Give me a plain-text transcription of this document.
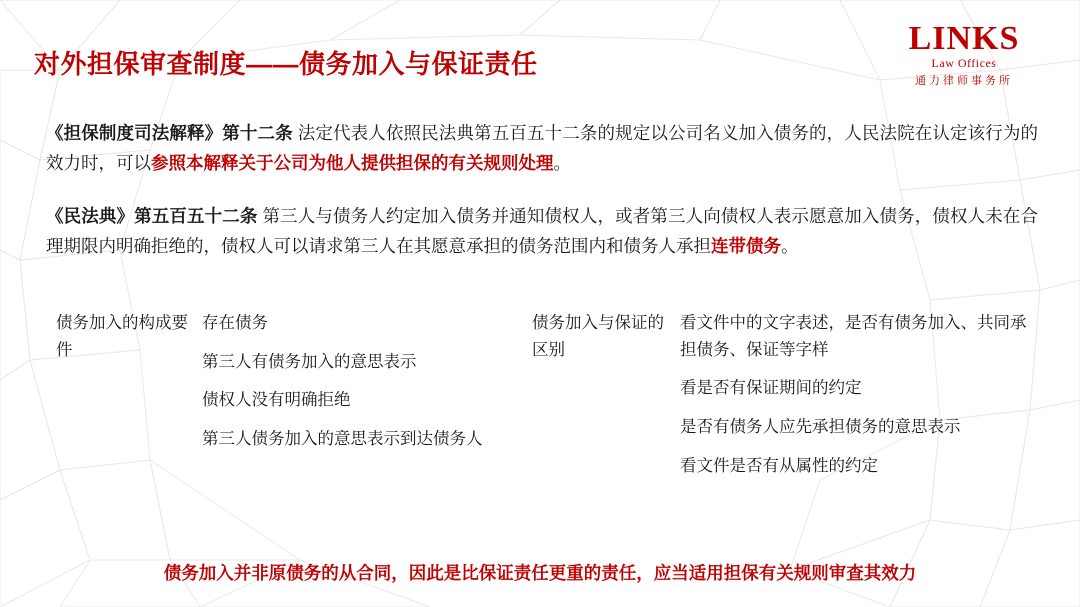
对外担保审查制度——债务加入与保证责任
LINKS
Law Offices
通力律师事务所
《担保制度司法解释》第十二条 法定代表人依照民法典第五百五十二条的规定以公司名义加入债务的，人民法院在认定该行为的效力时，可以参照本解释关于公司为他人提供担保的有关规则处理。
《民法典》第五百五十二条 第三人与债务人约定加入债务并通知债权人，或者第三人向债权人表示愿意加入债务，债权人未在合理期限内明确拒绝的，债权人可以请求第三人在其愿意承担的债务范围内和债务人承担连带债务。

债务加入的构成要件

存在债务

第三人有债务加入的意思表示

债权人没有明确拒绝

第三人债务加入的意思表示到达债务人

债务加入与保证的区别

看文件中的文字表述，是否有债务加入、共同承担债务、保证等字样

看是否有保证期间的约定

是否有债务人应先承担债务的意思表示

看文件是否有从属性的约定

债务加入并非原债务的从合同，因此是比保证责任更重的责任，应当适用担保有关规则审查其效力
